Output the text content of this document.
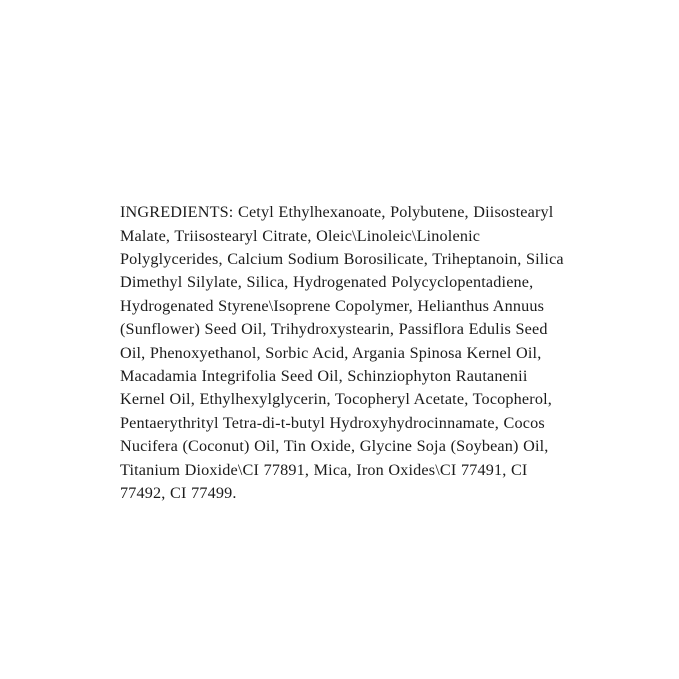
INGREDIENTS: Cetyl Ethylhexanoate, Polybutene, Diisostearyl Malate, Triisostearyl Citrate, Oleic\Linoleic\Linolenic Polyglycerides, Calcium Sodium Borosilicate, Triheptanoin, Silica Dimethyl Silylate, Silica, Hydrogenated Polycyclopentadiene, Hydrogenated Styrene\Isoprene Copolymer, Helianthus Annuus (Sunflower) Seed Oil, Trihydroxystearin, Passiflora Edulis Seed Oil, Phenoxyethanol, Sorbic Acid, Argania Spinosa Kernel Oil, Macadamia Integrifolia Seed Oil, Schinziophyton Rautanenii Kernel Oil, Ethylhexylglycerin, Tocopheryl Acetate, Tocopherol, Pentaerythrityl Tetra-di-t-butyl Hydroxyhydrocinnamate, Cocos Nucifera (Coconut) Oil, Tin Oxide, Glycine Soja (Soybean) Oil, Titanium Dioxide\CI 77891, Mica, Iron Oxides\CI 77491, CI 77492, CI 77499.
